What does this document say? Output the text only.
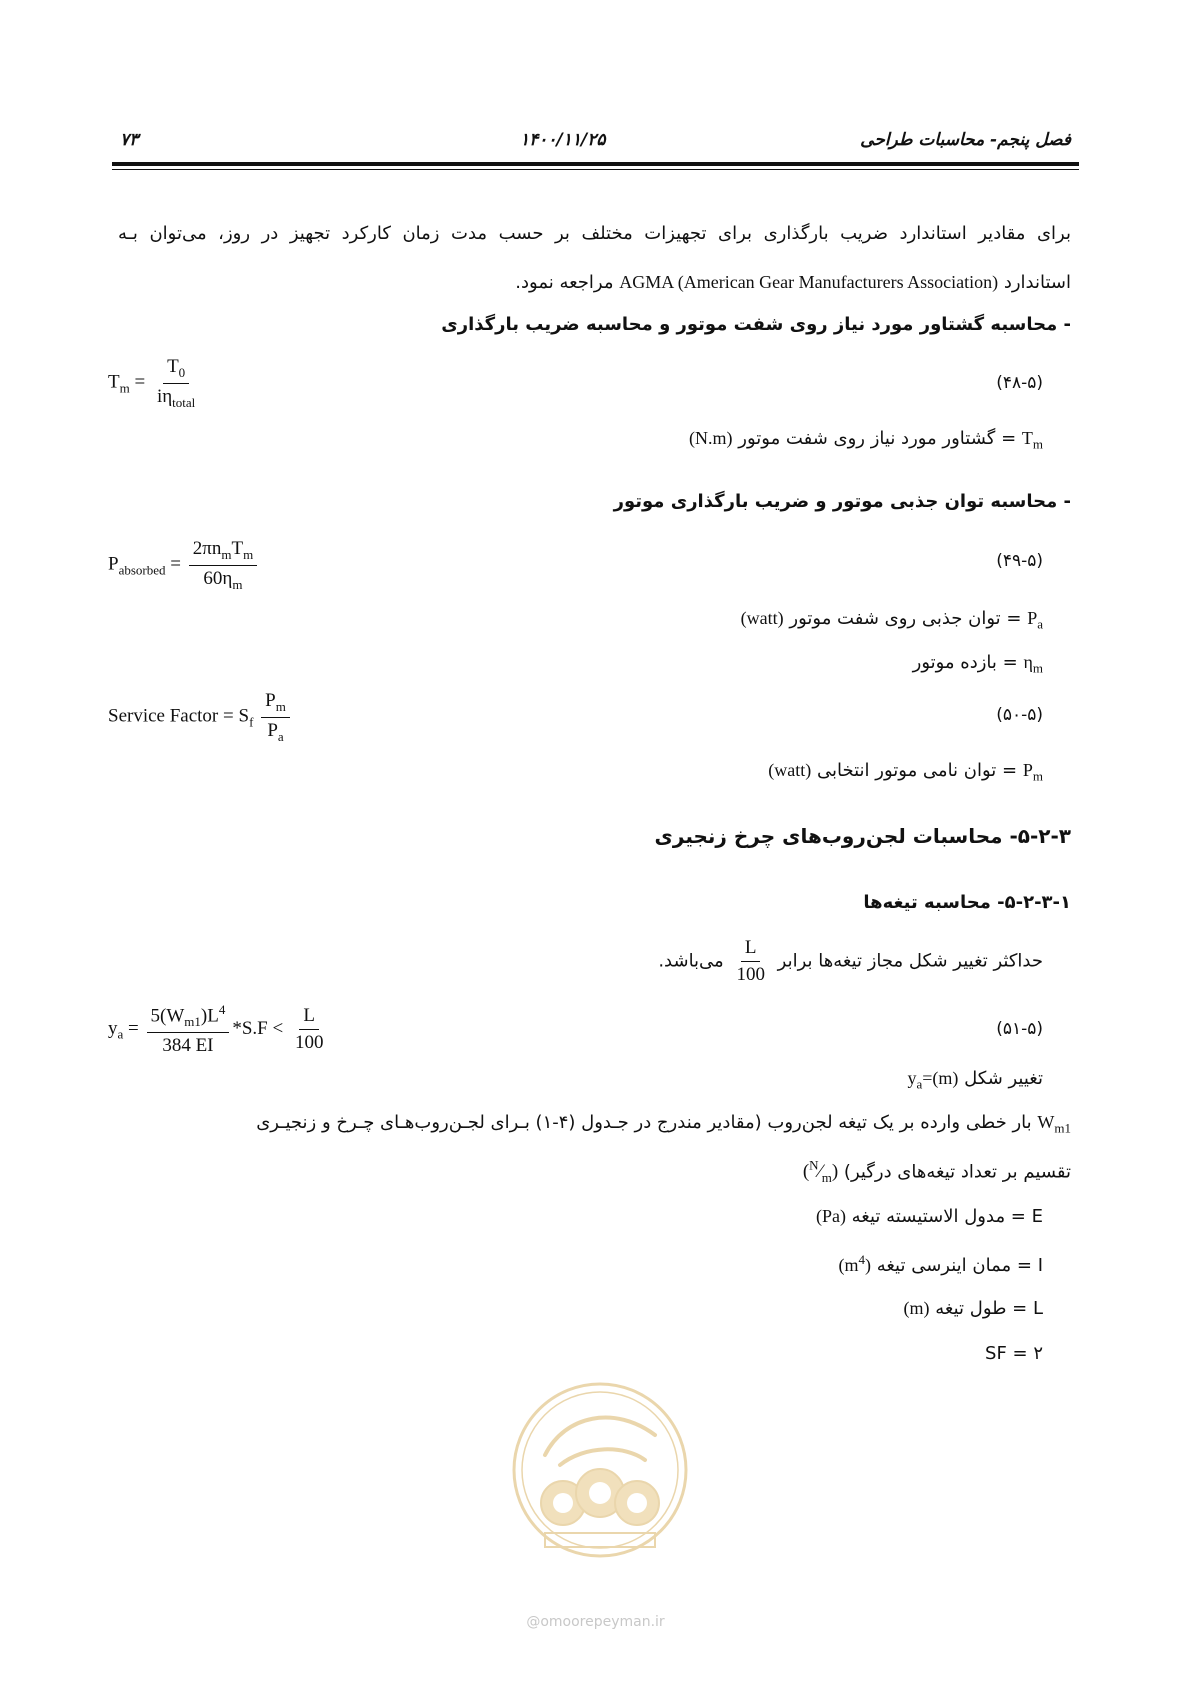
فصل پنجم- محاسبات طراحی
۱۴۰۰/۱۱/۲۵
۷۳
برای مقادیر استاندارد ضریب بارگذاری برای تجهیزات مختلف بر حسب مدت زمان کارکرد تجهیز در روز، می‌توان بـه
استاندارد AGMA (American Gear Manufacturers Association) مراجعه نمود.
- محاسبه گشتاور مورد نیاز روی شفت موتور و محاسبه ضریب بارگذاری
$T_m = \frac{T_0}{i\eta_{total}}$	(۴۸-۵)
$T_m$ = گشتاور مورد نیاز روی شفت موتور (N.m)
- محاسبه توان جذبی موتور و ضریب بارگذاری موتور
$P_{absorbed} = \frac{2\pi n_mT_m}{60\eta_m}$	(۴۹-۵)
$P_a$ = توان جذبی روی شفت موتور (watt)
$\eta_m$ = بازده موتور
Service Factor = $S_f \frac{P_m}{P_a}$	(۵۰-۵)
$P_m$ = توان نامی موتور انتخابی (watt)
۵-۲-۳- محاسبات لجن‌روب‌های چرخ زنجیری
۵-۲-۳-۱- محاسبه تیغه‌ها
حداکثر تغییر شکل مجاز تیغه‌ها برابر
$\frac{L}{100}$
می‌باشد.
$y_a = \frac{5(W_{m1})L^4}{384 EI} *S.F < \frac{L}{100}$	(۵۱-۵)
تغییر شکل $(m)=y_a$
$W_{m1}$ بار خطی وارده بر یک تیغه لجن‌روب (مقادیر مندرج در جـدول (۴-۱) بـرای لجـن‌روب‌هـای چـرخ و زنجیـری
تقسیم بر تعداد تیغه‌های درگیر) $(^N⁄_m)$
E = مدول الاستیسته تیغه (Pa)
I = ممان اینرسی تیغه $(m^4)$
L = طول تیغه (m)
۲ = SF
@omoorepeyman.ir
